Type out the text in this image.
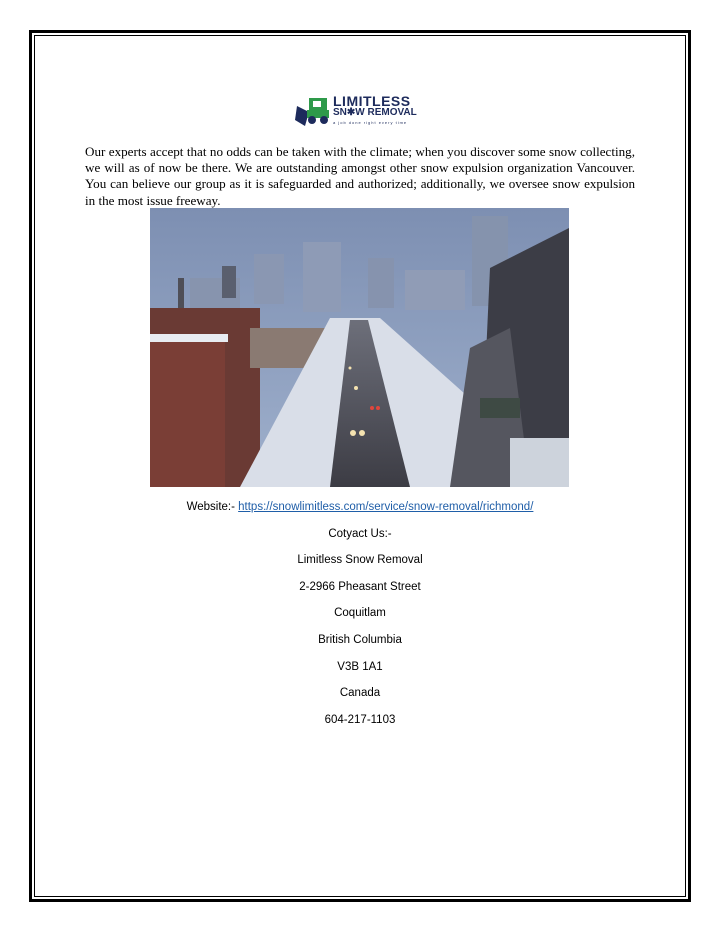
LIMITLESS
SN✱W REMOVAL
a job done right every time
Our experts accept that no odds can be taken with the climate; when you discover some snow collecting, we will as of now be there. We are outstanding amongst other snow expulsion organization Vancouver. You can believe our group as it is safeguarded and authorized; additionally, we oversee snow expulsion in the most issue freeway.
Website:- https://snowlimitless.com/service/snow-removal/richmond/
Cotyact Us:-
Limitless Snow Removal
2-2966 Pheasant Street
Coquitlam
British Columbia
V3B 1A1
Canada
604-217-1103
